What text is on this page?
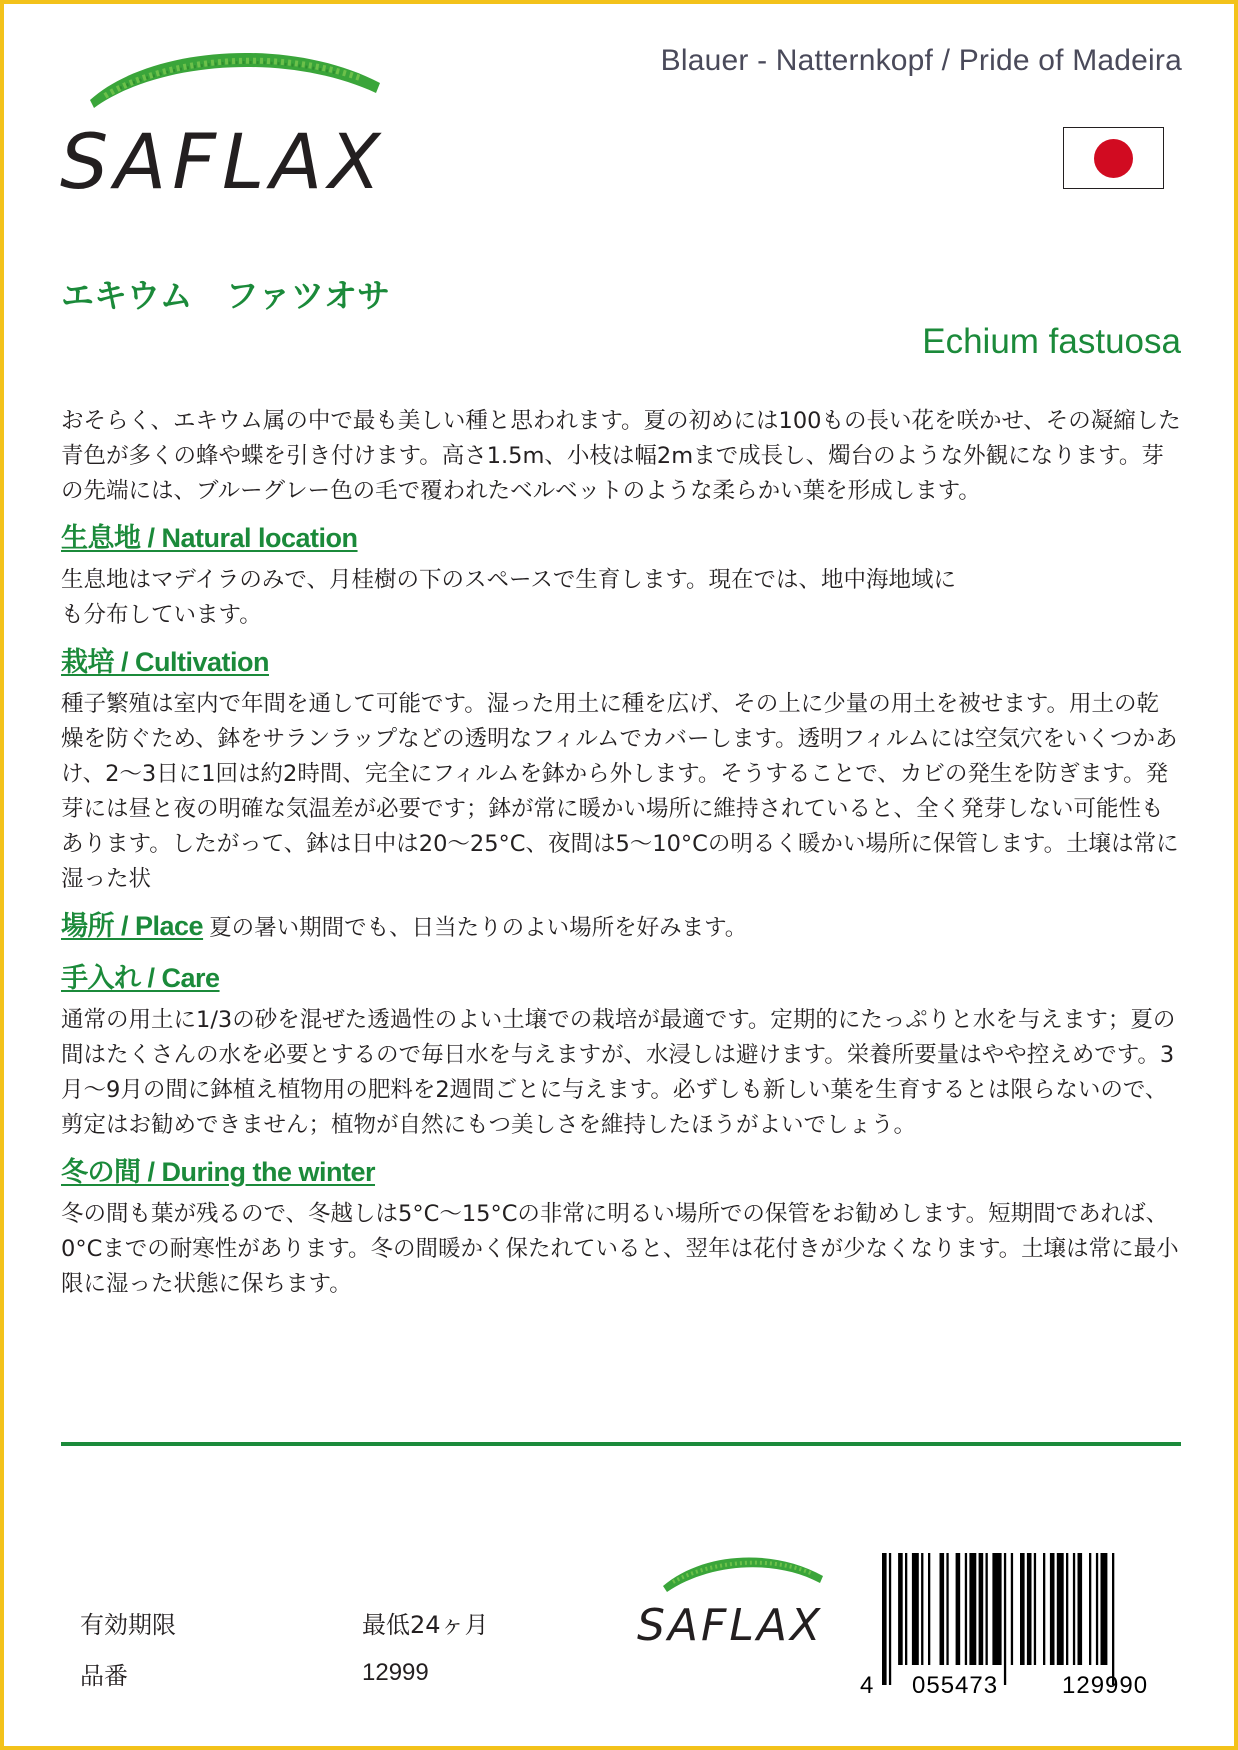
SAFLAX
Blauer - Natternkopf / Pride of Madeira
エキウム　ファツオサ
Echium fastuosa

おそらく、エキウム属の中で最も美しい種と思われます。夏の初めには100もの長い花を咲かせ、その凝縮した青色が多くの蜂や蝶を引き付けます。高さ1.5m、小枝は幅2mまで成長し、燭台のような外観になります。芽の先端には、ブルーグレー色の毛で覆われたベルベットのような柔らかい葉を形成します。

生息地 / Natural location

生息地はマデイラのみで、月桂樹の下のスペースで生育します。現在では、地中海地域にも分布しています。

栽培 / Cultivation

種子繁殖は室内で年間を通して可能です。湿った用土に種を広げ、その上に少量の用土を被せます。用土の乾燥を防ぐため、鉢をサランラップなどの透明なフィルムでカバーします。透明フィルムには空気穴をいくつかあけ、2～3日に1回は約2時間、完全にフィルムを鉢から外します。そうすることで、カビの発生を防ぎます。発芽には昼と夜の明確な気温差が必要です；鉢が常に暖かい場所に維持されていると、全く発芽しない可能性もあります。したがって、鉢は日中は20〜25°C、夜間は5〜10°Cの明るく暖かい場所に保管します。土壌は常に湿った状

場所 / Place 夏の暑い期間でも、日当たりのよい場所を好みます。
手入れ / Care

通常の用土に1/3の砂を混ぜた透過性のよい土壌での栽培が最適です。定期的にたっぷりと水を与えます；夏の間はたくさんの水を必要とするので毎日水を与えますが、水浸しは避けます。栄養所要量はやや控えめです。3月～9月の間に鉢植え植物用の肥料を2週間ごとに与えます。必ずしも新しい葉を生育するとは限らないので、剪定はお勧めできません；植物が自然にもつ美しさを維持したほうがよいでしょう。

冬の間 / During the winter

冬の間も葉が残るので、冬越しは5°C～15°Cの非常に明るい場所での保管をお勧めします。短期間であれば、0°Cまでの耐寒性があります。冬の間暖かく保たれていると、翌年は花付きが少なくなります。土壌は常に最小限に湿った状態に保ちます。

有効期限	最低24ヶ月
品番	12999
SAFLAX
4 055473	129990
